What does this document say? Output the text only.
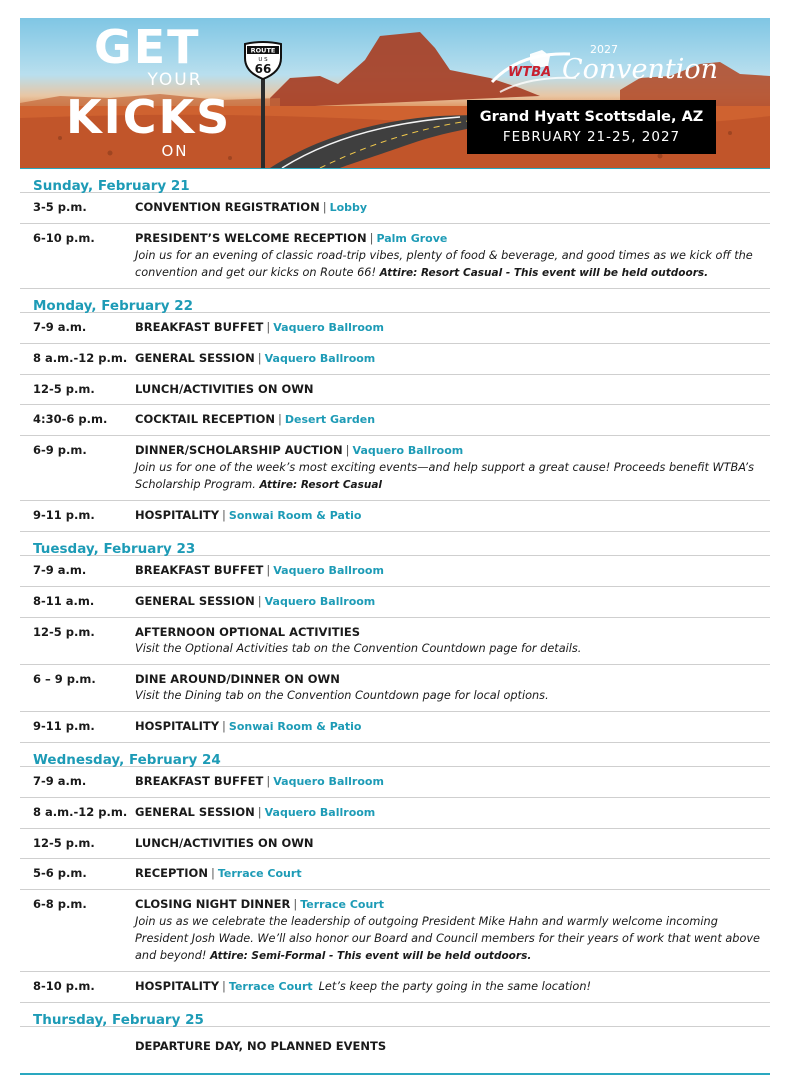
GET
YOUR
KICKS
ON
ROUTE
U S
66
2027
WTBA Convention
Grand Hyatt Scottsdale, AZ
FEBRUARY 21-25, 2027
Sunday, February 21
3-5 p.m.	CONVENTION REGISTRATION | Lobby
6-10 p.m.	PRESIDENT’S WELCOME RECEPTION | Palm Grove
Join us for an evening of classic road-trip vibes, plenty of food & beverage, and good times as we kick off the convention and get our kicks on Route 66! Attire: Resort Casual - This event will be held outdoors.
Monday, February 22
7-9 a.m.	BREAKFAST BUFFET | Vaquero Ballroom
8 a.m.-12 p.m. GENERAL SESSION | Vaquero Ballroom
12-5 p.m.	LUNCH/ACTIVITIES ON OWN
4:30-6 p.m.	COCKTAIL RECEPTION | Desert Garden
6-9 p.m.	DINNER/SCHOLARSHIP AUCTION | Vaquero Ballroom
Join us for one of the week’s most exciting events—and help support a great cause! Proceeds benefit WTBA’s Scholarship Program. Attire: Resort Casual
9-11 p.m.	HOSPITALITY | Sonwai Room & Patio
Tuesday, February 23
7-9 a.m.	BREAKFAST BUFFET | Vaquero Ballroom
8-11 a.m.	GENERAL SESSION | Vaquero Ballroom
12-5 p.m.	AFTERNOON OPTIONAL ACTIVITIES
Visit the Optional Activities tab on the Convention Countdown page for details.
6 – 9 p.m.	DINE AROUND/DINNER ON OWN
Visit the Dining tab on the Convention Countdown page for local options.
9-11 p.m.	HOSPITALITY | Sonwai Room & Patio
Wednesday, February 24
7-9 a.m.	BREAKFAST BUFFET | Vaquero Ballroom
8 a.m.-12 p.m. GENERAL SESSION | Vaquero Ballroom
12-5 p.m.	LUNCH/ACTIVITIES ON OWN
5-6 p.m.	RECEPTION | Terrace Court
6-8 p.m.	CLOSING NIGHT DINNER | Terrace Court
Join us as we celebrate the leadership of outgoing President Mike Hahn and warmly welcome incoming President Josh Wade. We’ll also honor our Board and Council members for their years of work that went above and beyond! Attire: Semi-Formal - This event will be held outdoors.
8-10 p.m.	HOSPITALITY | Terrace Court Let’s keep the party going in the same location!
Thursday, February 25
DEPARTURE DAY, NO PLANNED EVENTS
